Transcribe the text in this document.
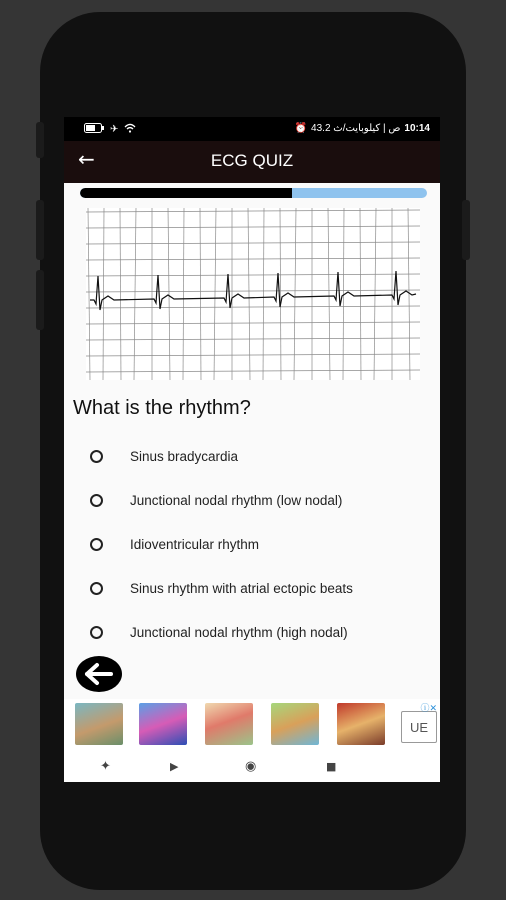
✈	⏰ 43.2 ص | كيلوبايت/ث 10:14
←	ECG QUIZ
What is the rhythm?
Sinus bradycardia
Junctional nodal rhythm (low nodal)
Idioventricular rhythm
Sinus rhythm with atrial ectopic beats
Junctional nodal rhythm (high nodal)
UE
ⓘ✕
✦	▶	◉	■
